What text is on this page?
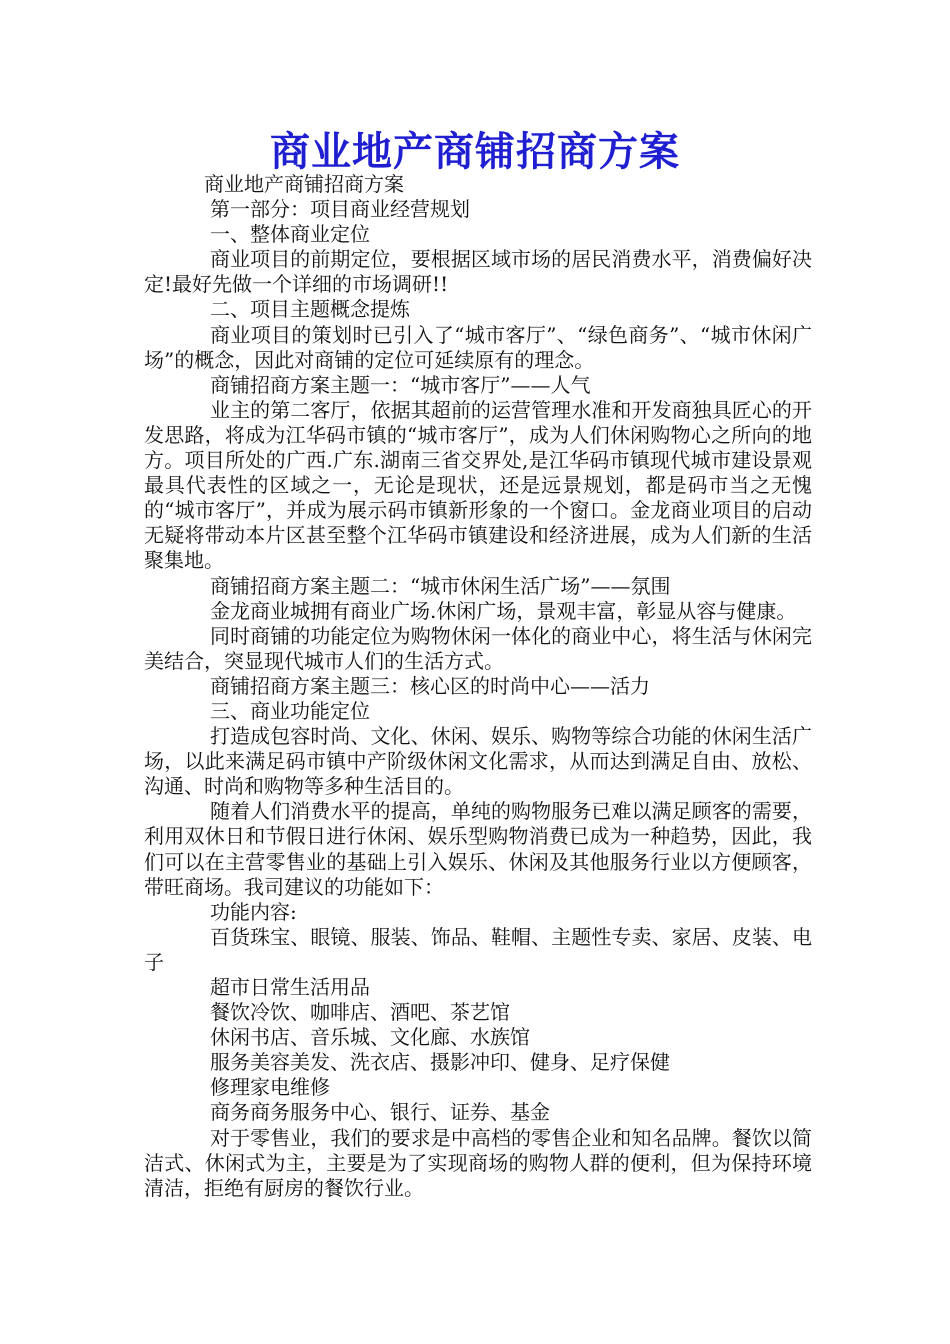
商业地产商铺招商方案

商业地产商铺招商方案

第一部分：项目商业经营规划

一、整体商业定位

商业项目的前期定位，要根据区域市场的居民消费水平，消费偏好决定!最好先做一个详细的市场调研!!

二、项目主题概念提炼

商业项目的策划时已引入了“城市客厅”、“绿色商务”、“城市休闲广场”的概念，因此对商铺的定位可延续原有的理念。

商铺招商方案主题一：“城市客厅”——人气

业主的第二客厅，依据其超前的运营管理水准和开发商独具匠心的开发思路，将成为江华码市镇的“城市客厅”，成为人们休闲购物心之所向的地方。项目所处的广西.广东.湖南三省交界处,是江华码市镇现代城市建设景观最具代表性的区域之一，无论是现状，还是远景规划，都是码市当之无愧的“城市客厅”，并成为展示码市镇新形象的一个窗口。金龙商业项目的启动无疑将带动本片区甚至整个江华码市镇建设和经济进展，成为人们新的生活聚集地。

商铺招商方案主题二：“城市休闲生活广场”——氛围

金龙商业城拥有商业广场.休闲广场，景观丰富，彰显从容与健康。

同时商铺的功能定位为购物休闲一体化的商业中心，将生活与休闲完美结合，突显现代城市人们的生活方式。

商铺招商方案主题三：核心区的时尚中心——活力

三、商业功能定位

打造成包容时尚、文化、休闲、娱乐、购物等综合功能的休闲生活广场，以此来满足码市镇中产阶级休闲文化需求，从而达到满足自由、放松、沟通、时尚和购物等多种生活目的。

随着人们消费水平的提高，单纯的购物服务已难以满足顾客的需要，利用双休日和节假日进行休闲、娱乐型购物消费已成为一种趋势，因此，我们可以在主营零售业的基础上引入娱乐、休闲及其他服务行业以方便顾客，带旺商场。我司建议的功能如下：

功能内容:

百货珠宝、眼镜、服装、饰品、鞋帽、主题性专卖、家居、皮装、电子

超市日常生活用品

餐饮冷饮、咖啡店、酒吧、茶艺馆

休闲书店、音乐城、文化廊、水族馆

服务美容美发、洗衣店、摄影冲印、健身、足疗保健

修理家电维修

商务商务服务中心、银行、证券、基金

对于零售业，我们的要求是中高档的零售企业和知名品牌。餐饮以简洁式、休闲式为主，主要是为了实现商场的购物人群的便利，但为保持环境清洁，拒绝有厨房的餐饮行业。
